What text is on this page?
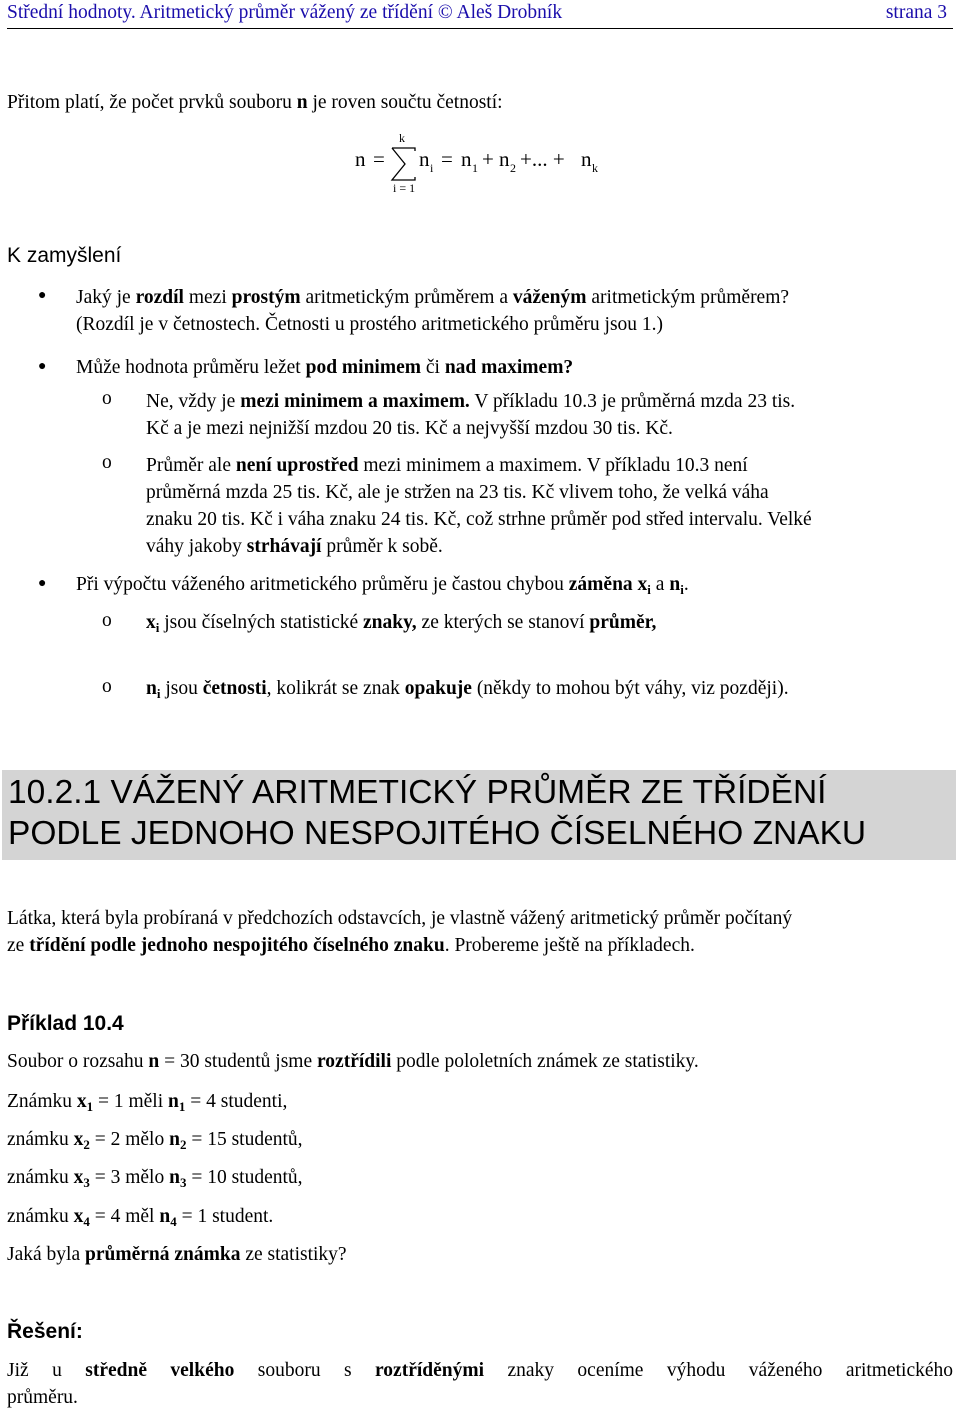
Střední hodnoty. Aritmetický průměr vážený ze třídění © Aleš Drobník	strana 3
Přitom platí, že počet prvků souboru n je roven součtu četností:
n =
k
i = 1
n i = n 1 + n 2 +... + n k
K zamyšlení
● Jaký je rozdíl mezi prostým aritmetickým průměrem a váženým aritmetickým průměrem?
(Rozdíl je v četnostech. Četnosti u prostého aritmetického průměru jsou 1.)
● Může hodnota průměru ležet pod minimem či nad maximem?
o Ne, vždy je mezi minimem a maximem. V příkladu 10.3 je průměrná mzda 23 tis.
Kč a je mezi nejnižší mzdou 20 tis. Kč a nejvyšší mzdou 30 tis. Kč.
o Průměr ale není uprostřed mezi minimem a maximem. V příkladu 10.3 není
průměrná mzda 25 tis. Kč, ale je stržen na 23 tis. Kč vlivem toho, že velká váha
znaku 20 tis. Kč i váha znaku 24 tis. Kč, což strhne průměr pod střed intervalu. Velké
váhy jakoby strhávají průměr k sobě.
● Při výpočtu váženého aritmetického průměru je častou chybou záměna $x_i$ a $n_i$.
o $x_i$ jsou číselných statistické znaky, ze kterých se stanoví průměr,
o $n_i$ jsou četnosti, kolikrát se znak opakuje (někdy to mohou být váhy, viz později).
10.2.1 VÁŽENÝ ARITMETICKÝ PRŮMĚR ZE TŘÍDĚNÍ
PODLE JEDNOHO NESPOJITÉHO ČÍSELNÉHO ZNAKU
Látka, která byla probíraná v předchozích odstavcích, je vlastně vážený aritmetický průměr počítaný
ze třídění podle jednoho nespojitého číselného znaku. Probereme ještě na příkladech.
Příklad 10.4
Soubor o rozsahu n = 30 studentů jsme roztřídili podle pololetních známek ze statistiky.
Známku $x_1 = 1$ měli $n_1 = 4$ studenti,
známku $x_2 = 2$ mělo $n_2 = 15$ studentů,
známku $x_3 = 3$ mělo $n_3 = 10$ studentů,
známku $x_4 = 4$ měl $n_4 = 1$ student.
Jaká byla průměrná známka ze statistiky?
Řešení:
Již u středně velkého souboru s roztříděnými znaky oceníme výhodu váženého aritmetického
průměru.
